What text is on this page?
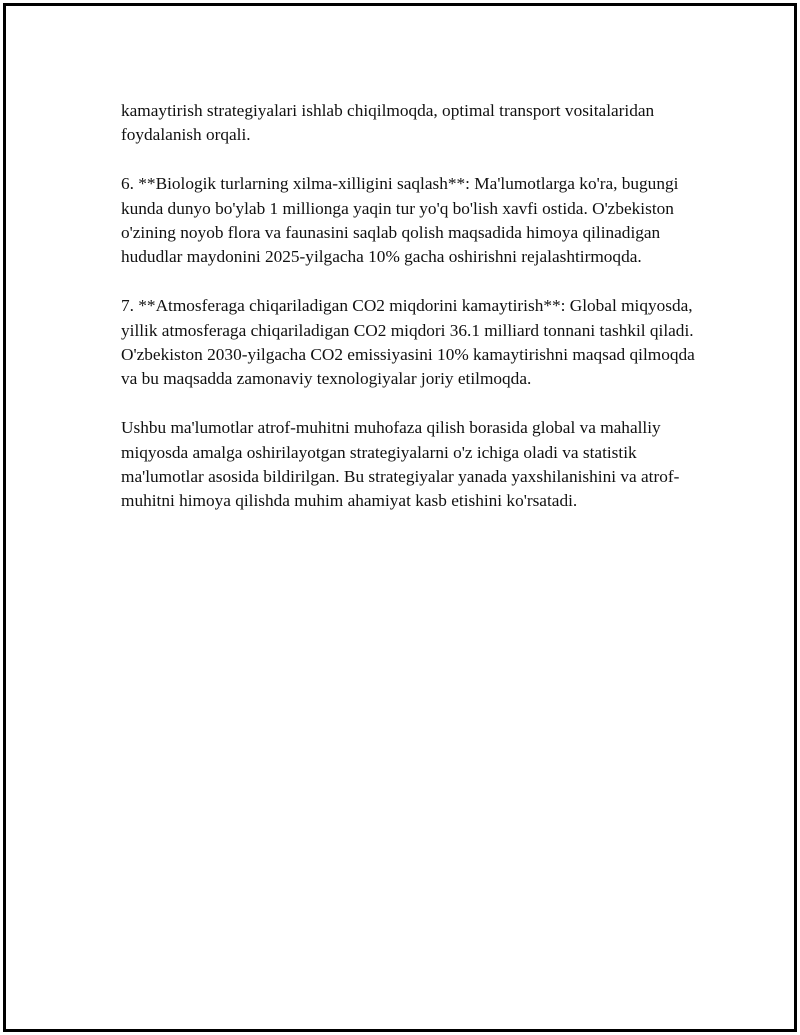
kamaytirish strategiyalari ishlab chiqilmoqda, optimal transport vositalaridan foydalanish orqali.

6. **Biologik turlarning xilma-xilligini saqlash**: Ma'lumotlarga ko'ra, bugungi kunda dunyo bo'ylab 1 millionga yaqin tur yo'q bo'lish xavfi ostida. O'zbekiston o'zining noyob flora va faunasini saqlab qolish maqsadida himoya qilinadigan hududlar maydonini 2025-yilgacha 10% gacha oshirishni rejalashtirmoqda.

7. **Atmosferaga chiqariladigan CO2 miqdorini kamaytirish**: Global miqyosda, yillik atmosferaga chiqariladigan CO2 miqdori 36.1 milliard tonnani tashkil qiladi. O'zbekiston 2030-yilgacha CO2 emissiyasini 10% kamaytirishni maqsad qilmoqda va bu maqsadda zamonaviy texnologiyalar joriy etilmoqda.

Ushbu ma'lumotlar atrof-muhitni muhofaza qilish borasida global va mahalliy miqyosda amalga oshirilayotgan strategiyalarni o'z ichiga oladi va statistik ma'lumotlar asosida bildirilgan. Bu strategiyalar yanada yaxshilanishini va atrof-muhitni himoya qilishda muhim ahamiyat kasb etishini ko'rsatadi.
